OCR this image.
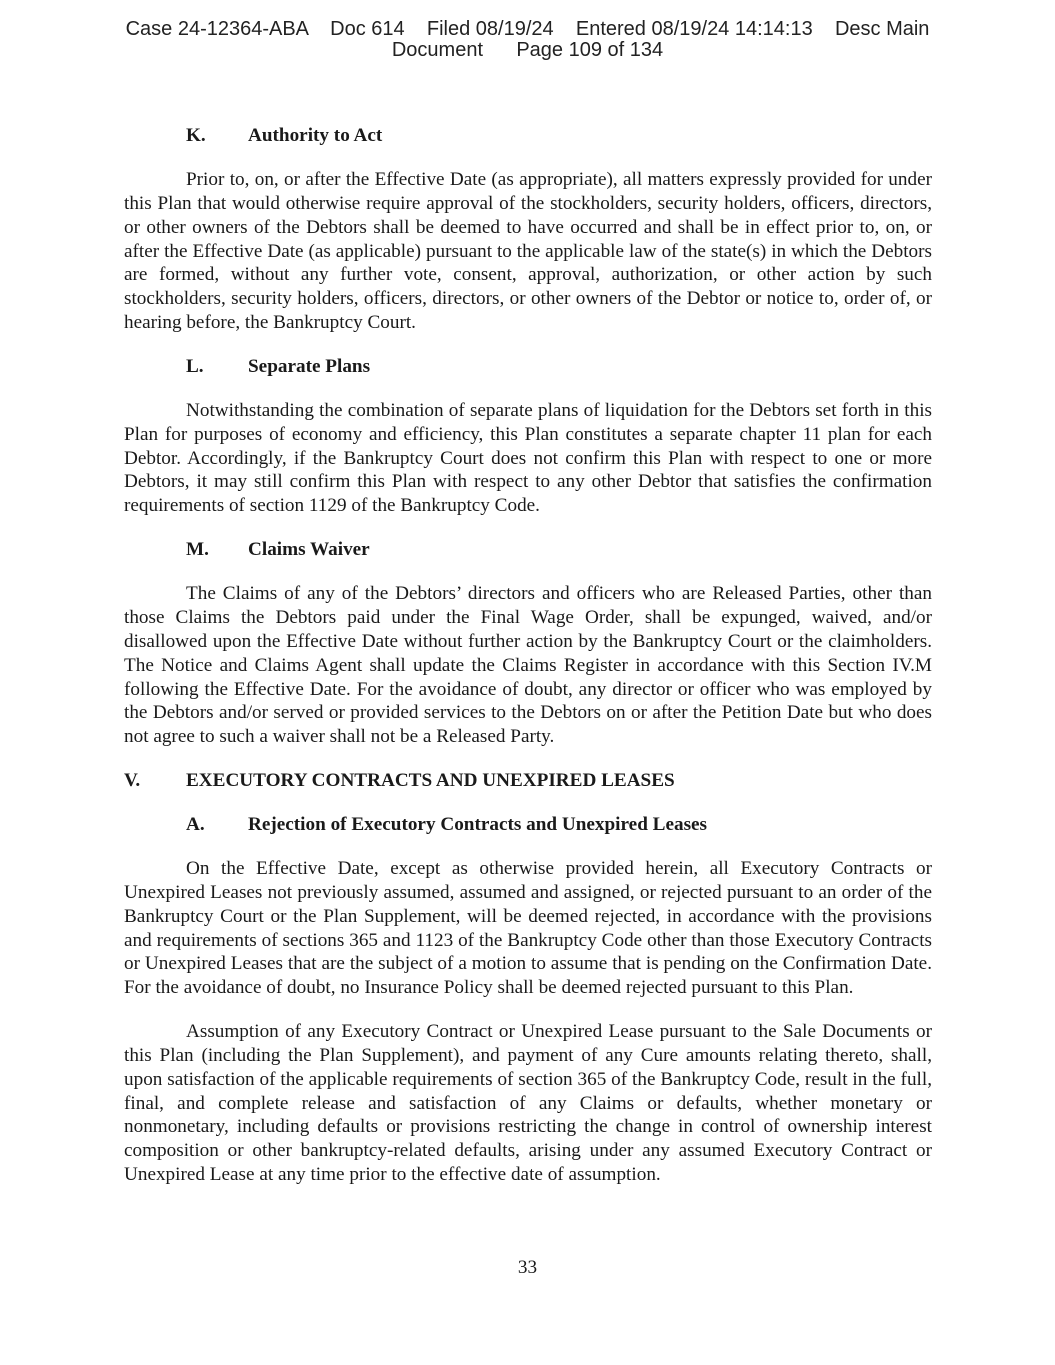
Case 24-12364-ABA    Doc 614    Filed 08/19/24    Entered 08/19/24 14:14:13    Desc Main
Document      Page 109 of 134
K. Authority to Act

Prior to, on, or after the Effective Date (as appropriate), all matters expressly provided for under this Plan that would otherwise require approval of the stockholders, security holders, officers, directors, or other owners of the Debtors shall be deemed to have occurred and shall be in effect prior to, on, or after the Effective Date (as applicable) pursuant to the applicable law of the state(s) in which the Debtors are formed, without any further vote, consent, approval, authorization, or other action by such stockholders, security holders, officers, directors, or other owners of the Debtor or notice to, order of, or hearing before, the Bankruptcy Court.

L. Separate Plans

Notwithstanding the combination of separate plans of liquidation for the Debtors set forth in this Plan for purposes of economy and efficiency, this Plan constitutes a separate chapter 11 plan for each Debtor. Accordingly, if the Bankruptcy Court does not confirm this Plan with respect to one or more Debtors, it may still confirm this Plan with respect to any other Debtor that satisfies the confirmation requirements of section 1129 of the Bankruptcy Code.

M. Claims Waiver

The Claims of any of the Debtors’ directors and officers who are Released Parties, other than those Claims the Debtors paid under the Final Wage Order, shall be expunged, waived, and/or disallowed upon the Effective Date without further action by the Bankruptcy Court or the claimholders. The Notice and Claims Agent shall update the Claims Register in accordance with this Section IV.M following the Effective Date. For the avoidance of doubt, any director or officer who was employed by the Debtors and/or served or provided services to the Debtors on or after the Petition Date but who does not agree to such a waiver shall not be a Released Party.

V. EXECUTORY CONTRACTS AND UNEXPIRED LEASES
A. Rejection of Executory Contracts and Unexpired Leases

On the Effective Date, except as otherwise provided herein, all Executory Contracts or Unexpired Leases not previously assumed, assumed and assigned, or rejected pursuant to an order of the Bankruptcy Court or the Plan Supplement, will be deemed rejected, in accordance with the provisions and requirements of sections 365 and 1123 of the Bankruptcy Code other than those Executory Contracts or Unexpired Leases that are the subject of a motion to assume that is pending on the Confirmation Date. For the avoidance of doubt, no Insurance Policy shall be deemed rejected pursuant to this Plan.

Assumption of any Executory Contract or Unexpired Lease pursuant to the Sale Documents or this Plan (including the Plan Supplement), and payment of any Cure amounts relating thereto, shall, upon satisfaction of the applicable requirements of section 365 of the Bankruptcy Code, result in the full, final, and complete release and satisfaction of any Claims or defaults, whether monetary or nonmonetary, including defaults or provisions restricting the change in control of ownership interest composition or other bankruptcy-related defaults, arising under any assumed Executory Contract or Unexpired Lease at any time prior to the effective date of assumption.

33
